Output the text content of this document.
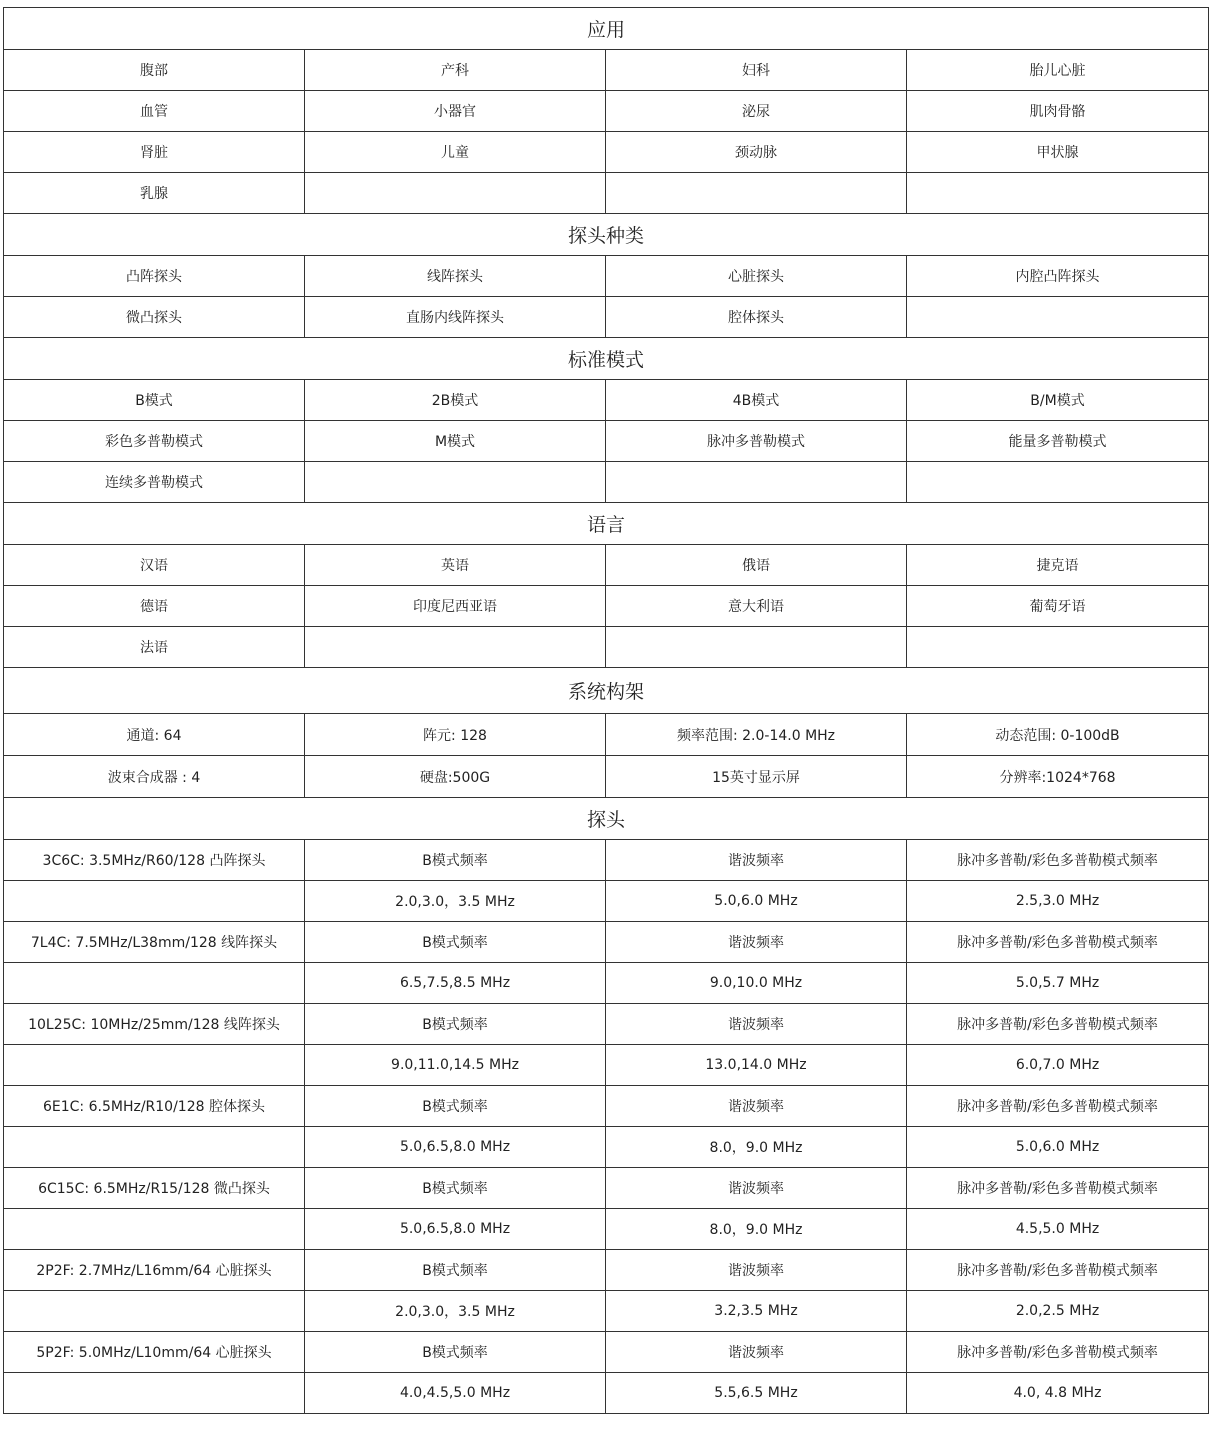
应用			
腹部	产科	妇科	胎儿心脏
血管	小器官	泌尿	肌肉骨骼
肾脏	儿童	颈动脉	甲状腺
乳腺			
探头种类			
凸阵探头	线阵探头	心脏探头	内腔凸阵探头
微凸探头	直肠内线阵探头	腔体探头	
标准模式			
B模式	2B模式	4B模式	B/M模式
彩色多普勒模式	M模式	脉冲多普勒模式	能量多普勒模式
连续多普勒模式			
语言			
汉语	英语	俄语	捷克语
德语	印度尼西亚语	意大利语	葡萄牙语
法语			
系统构架			
通道: 64	阵元: 128	频率范围: 2.0-14.0 MHz	动态范围: 0-100dB
波束合成器 : 4	硬盘:500G	15英寸显示屏	分辨率:1024*768
探头			
3C6C: 3.5MHz/R60/128 凸阵探头	B模式频率	谐波频率	脉冲多普勒/彩色多普勒模式频率
	2.0,3.0，3.5 MHz	5.0,6.0 MHz	2.5,3.0 MHz
7L4C: 7.5MHz/L38mm/128 线阵探头	B模式频率	谐波频率	脉冲多普勒/彩色多普勒模式频率
	6.5,7.5,8.5 MHz	9.0,10.0 MHz	5.0,5.7 MHz
10L25C: 10MHz/25mm/128 线阵探头	B模式频率	谐波频率	脉冲多普勒/彩色多普勒模式频率
	9.0,11.0,14.5 MHz	13.0,14.0 MHz	6.0,7.0 MHz
6E1C: 6.5MHz/R10/128 腔体探头	B模式频率	谐波频率	脉冲多普勒/彩色多普勒模式频率
	5.0,6.5,8.0 MHz	8.0，9.0 MHz	5.0,6.0 MHz
6C15C: 6.5MHz/R15/128 微凸探头	B模式频率	谐波频率	脉冲多普勒/彩色多普勒模式频率
	5.0,6.5,8.0 MHz	8.0，9.0 MHz	4.5,5.0 MHz
2P2F: 2.7MHz/L16mm/64 心脏探头	B模式频率	谐波频率	脉冲多普勒/彩色多普勒模式频率
	2.0,3.0，3.5 MHz	3.2,3.5 MHz	2.0,2.5 MHz
5P2F: 5.0MHz/L10mm/64 心脏探头	B模式频率	谐波频率	脉冲多普勒/彩色多普勒模式频率
	4.0,4.5,5.0 MHz	5.5,6.5 MHz	4.0, 4.8 MHz
